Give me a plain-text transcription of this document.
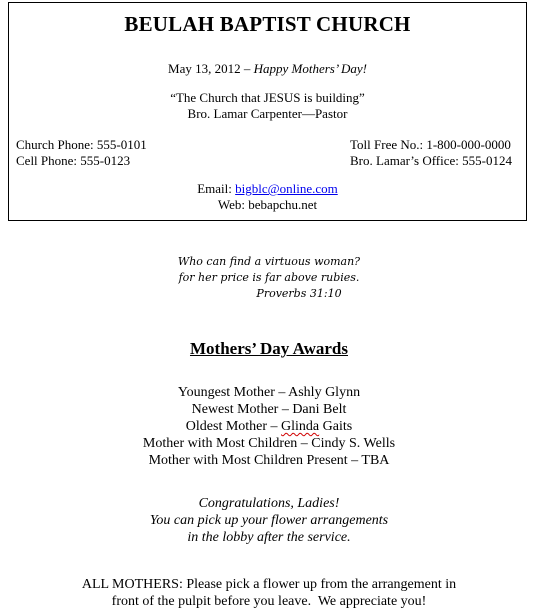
BEULAH BAPTIST CHURCH
May 13, 2012 – Happy Mothers’ Day!
“The Church that JESUS is building”
Bro. Lamar Carpenter—Pastor
Church Phone: 555-0101
Cell Phone: 555-0123
Toll Free No.: 1-800-000-0000
Bro. Lamar’s Office: 555-0124
Email: bigblc@online.com
Web: bebapchu.net
Who can find a virtuous woman?
for her price is far above rubies.
Proverbs 31:10
Mothers’ Day Awards
Youngest Mother – Ashly Glynn
Newest Mother – Dani Belt
Oldest Mother – Glinda Gaits
Mother with Most Children – Cindy S. Wells
Mother with Most Children Present – TBA
Congratulations, Ladies!
You can pick up your flower arrangements
in the lobby after the service.
ALL MOTHERS: Please pick a flower up from the arrangement in
front of the pulpit before you leave.  We appreciate you!
